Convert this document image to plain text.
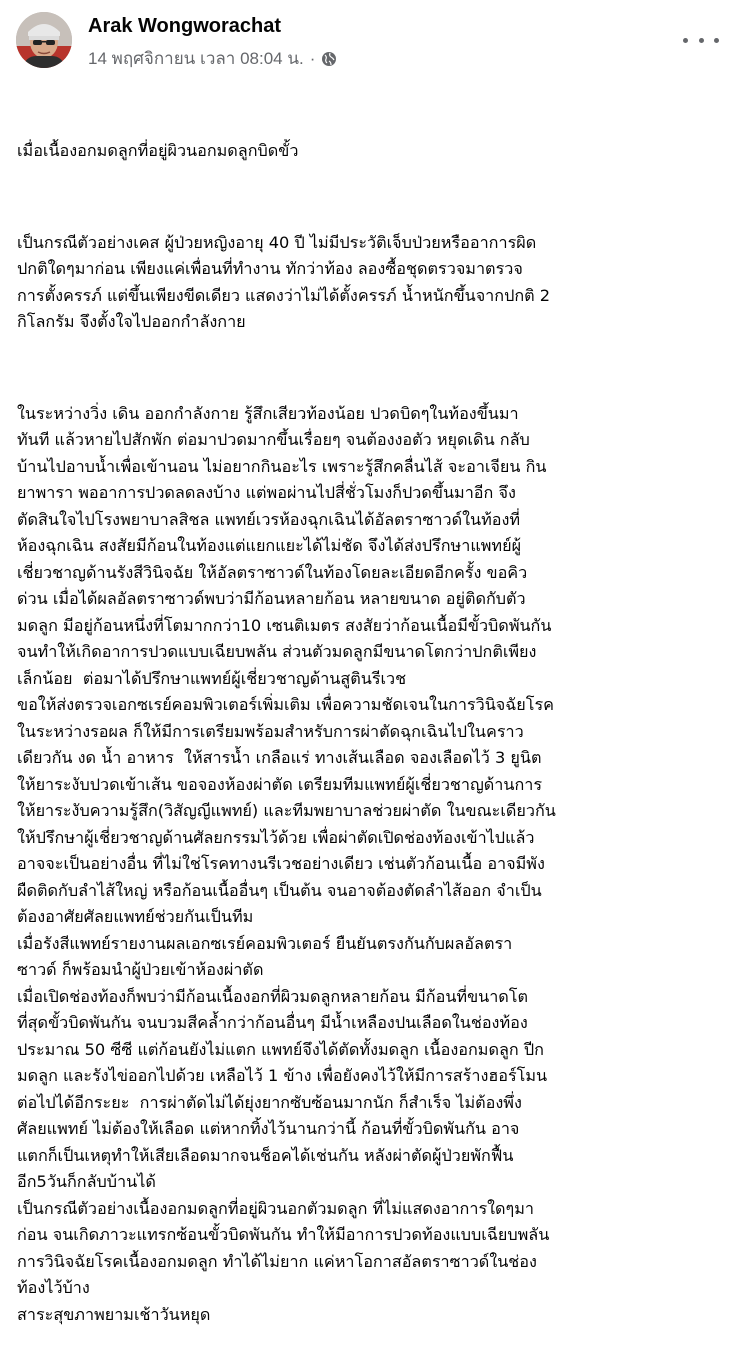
Arak Wongworachat
14 พฤศจิกายน เวลา 08:04 น. ·

เมื่อเนื้องอกมดลูกที่อยู่ผิวนอกมดลูกบิดขั้ว

เป็นกรณีตัวอย่างเคส ผู้ป่วยหญิงอายุ 40 ปี ไม่มีประวัติเจ็บป่วยหรืออาการผิด
ปกติใดๆมาก่อน เพียงแค่เพื่อนที่ทำงาน ทักว่าท้อง ลองซื้อชุดตรวจมาตรวจ
การตั้งครรภ์ แต่ขึ้นเพียงขีดเดียว แสดงว่าไม่ได้ตั้งครรภ์ น้ำหนักขึ้นจากปกติ 2
กิโลกรัม จึงตั้งใจไปออกกำลังกาย

ในระหว่างวิ่ง เดิน ออกกำลังกาย รู้สึกเสียวท้องน้อย ปวดบิดๆในท้องขึ้นมา
ทันที แล้วหายไปสักพัก ต่อมาปวดมากขึ้นเรื่อยๆ จนต้องงอตัว หยุดเดิน กลับ
บ้านไปอาบน้ำเพื่อเข้านอน ไม่อยากกินอะไร เพราะรู้สึกคลื่นไส้ จะอาเจียน กิน
ยาพารา พออาการปวดลดลงบ้าง แต่พอผ่านไปสี่ชั่วโมงก็ปวดขึ้นมาอีก จึง
ตัดสินใจไปโรงพยาบาลสิชล แพทย์เวรห้องฉุกเฉินได้อัลตราซาวด์ในท้องที่
ห้องฉุกเฉิน สงสัยมีก้อนในท้องแต่แยกแยะได้ไม่ชัด จึงได้ส่งปรึกษาแพทย์ผู้
เชี่ยวชาญด้านรังสีวินิจฉัย ให้อัลตราซาวด์ในท้องโดยละเอียดอีกครั้ง ขอคิว
ด่วน เมื่อได้ผลอัลตราซาวด์พบว่ามีก้อนหลายก้อน หลายขนาด อยู่ติดกับตัว
มดลูก มีอยู่ก้อนหนึ่งที่โตมากกว่า10 เซนติเมตร สงสัยว่าก้อนเนื้อมีขั้วบิดพันกัน
จนทำให้เกิดอาการปวดแบบเฉียบพลัน ส่วนตัวมดลูกมีขนาดโตกว่าปกติเพียง
เล็กน้อย  ต่อมาได้ปรึกษาแพทย์ผู้เชี่ยวชาญด้านสูตินรีเวช
ขอให้ส่งตรวจเอกซเรย์คอมพิวเตอร์เพิ่มเติม เพื่อความชัดเจนในการวินิจฉัยโรค
ในระหว่างรอผล ก็ให้มีการเตรียมพร้อมสำหรับการผ่าตัดฉุกเฉินไปในคราว
เดียวกัน งด น้ำ อาหาร  ให้สารน้ำ เกลือแร่ ทางเส้นเลือด จองเลือดไว้ 3 ยูนิต
ให้ยาระงับปวดเข้าเส้น ขอจองห้องผ่าตัด เตรียมทีมแพทย์ผู้เชี่ยวชาญด้านการ
ให้ยาระงับความรู้สึก(วิสัญญีแพทย์) และทีมพยาบาลช่วยผ่าตัด ในขณะเดียวกัน
ให้ปรึกษาผู้เชี่ยวชาญด้านศัลยกรรมไว้ด้วย เพื่อผ่าตัดเปิดช่องท้องเข้าไปแล้ว
อาจจะเป็นอย่างอื่น ที่ไม่ใช่โรคทางนรีเวชอย่างเดียว เช่นตัวก้อนเนื้อ อาจมีพัง
ผืดติดกับลำไส้ใหญ่ หรือก้อนเนื้ออื่นๆ เป็นต้น จนอาจต้องตัดลำไส้ออก จำเป็น
ต้องอาศัยศัลยแพทย์ช่วยกันเป็นทีม
เมื่อรังสีแพทย์รายงานผลเอกซเรย์คอมพิวเตอร์ ยืนยันตรงกันกับผลอัลตรา
ซาวด์ ก็พร้อมนำผู้ป่วยเข้าห้องผ่าตัด
เมื่อเปิดช่องท้องก็พบว่ามีก้อนเนื้องอกที่ผิวมดลูกหลายก้อน มีก้อนที่ขนาดโต
ที่สุดขั้วบิดพันกัน จนบวมสีคล้ำกว่าก้อนอื่นๆ มีน้ำเหลืองปนเลือดในช่องท้อง
ประมาณ 50 ซีซี แต่ก้อนยังไม่แตก แพทย์จึงได้ตัดทั้งมดลูก เนื้องอกมดลูก ปีก
มดลูก และรังไข่ออกไปด้วย เหลือไว้ 1 ข้าง เพื่อยังคงไว้ให้มีการสร้างฮอร์โมน
ต่อไปได้อีกระยะ  การผ่าตัดไม่ได้ยุ่งยากซับซ้อนมากนัก ก็สำเร็จ ไม่ต้องพึ่ง
ศัลยแพทย์ ไม่ต้องให้เลือด แต่หากทิ้งไว้นานกว่านี้ ก้อนที่ขั้วบิดพันกัน อาจ
แตกก็เป็นเหตุทำให้เสียเลือดมากจนช็อคได้เช่นกัน หลังผ่าตัดผู้ป่วยพักฟื้น
อีก5วันก็กลับบ้านได้
เป็นกรณีตัวอย่างเนื้องอกมดลูกที่อยู่ผิวนอกตัวมดลูก ที่ไม่แสดงอาการใดๆมา
ก่อน จนเกิดภาวะแทรกซ้อนขั้วบิดพันกัน ทำให้มีอาการปวดท้องแบบเฉียบพลัน
การวินิจฉัยโรคเนื้องอกมดลูก ทำได้ไม่ยาก แค่หาโอกาสอัลตราซาวด์ในช่อง
ท้องไว้บ้าง
สาระสุขภาพยามเช้าวันหยุด
